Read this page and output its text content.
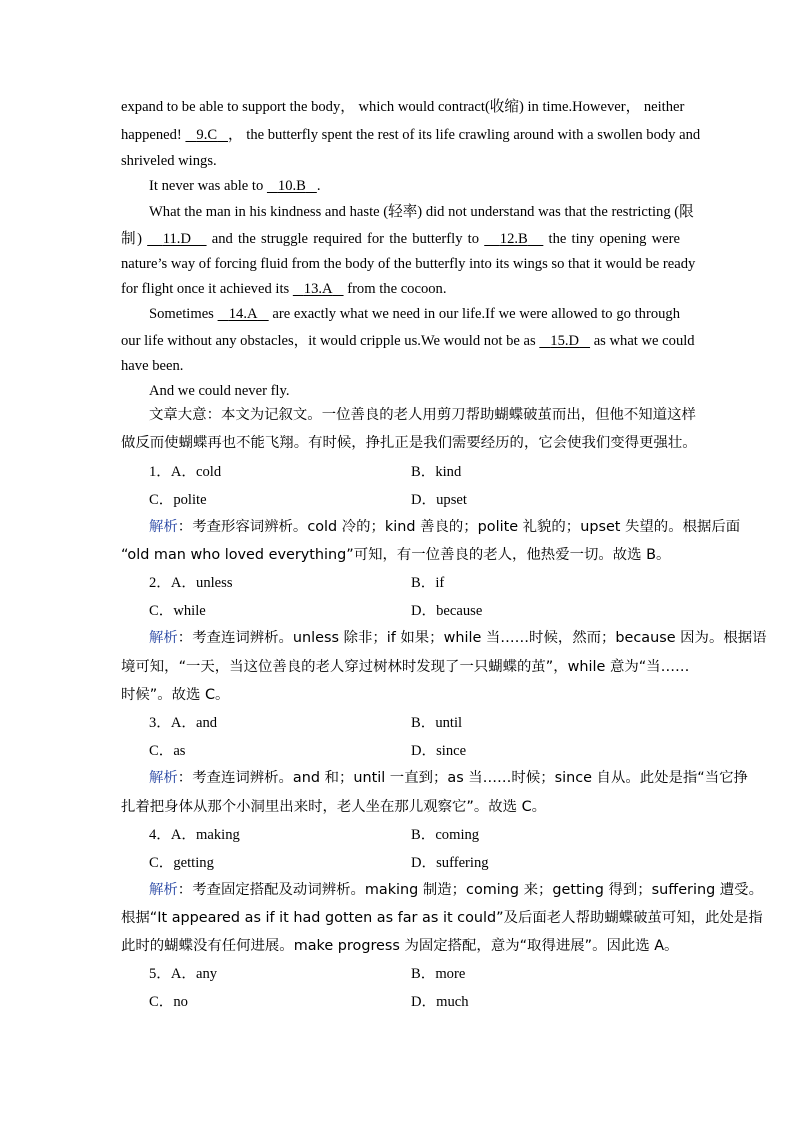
expand to be able to support the body， which would contract(收缩) in time.However， neither
happened! 9.C ， the butterfly spent the rest of its life crawling around with a swollen body and
shriveled wings.
It never was able to 10.B .
What the man in his kindness and haste (轻率) did not understand was that the restricting (限
制) 11.D and the struggle required for the butterfly to 12.B the tiny opening were
nature’s way of forcing fluid from the body of the butterfly into its wings so that it would be ready
for flight once it achieved its 13.A from the cocoon.
Sometimes 14.A are exactly what we need in our life.If we were allowed to go through
our life without any obstacles，it would cripple us.We would not be as 15.D as what we could
have been.
And we could never fly.
文章大意：本文为记叙文。一位善良的老人用剪刀帮助蝴蝶破茧而出，但他不知道这样
做反而使蝴蝶再也不能飞翔。有时候，挣扎正是我们需要经历的，它会使我们变得更强壮。
1．A．cold	B．kind
C．polite	D．upset
解析：考查形容词辨析。cold 冷的；kind 善良的；polite 礼貌的；upset 失望的。根据后面
“old man who loved everything”可知，有一位善良的老人，他热爱一切。故选 B。
2．A．unless	B．if
C．while	D．because
解析：考查连词辨析。unless 除非；if 如果；while 当……时候，然而；because 因为。根据语
境可知，“一天，当这位善良的老人穿过树林时发现了一只蝴蝶的茧”，while 意为“当……
时候”。故选 C。
3．A．and	B．until
C．as	D．since
解析：考查连词辨析。and 和；until 一直到；as 当……时候；since 自从。此处是指“当它挣
扎着把身体从那个小洞里出来时，老人坐在那儿观察它”。故选 C。
4．A．making	B．coming
C．getting	D．suffering
解析：考查固定搭配及动词辨析。making 制造；coming 来；getting 得到；suffering 遭受。
根据“It appeared as if it had gotten as far as it could”及后面老人帮助蝴蝶破茧可知，此处是指
此时的蝴蝶没有任何进展。make progress 为固定搭配，意为“取得进展”。因此选 A。
5．A．any	B．more
C．no	D．much
